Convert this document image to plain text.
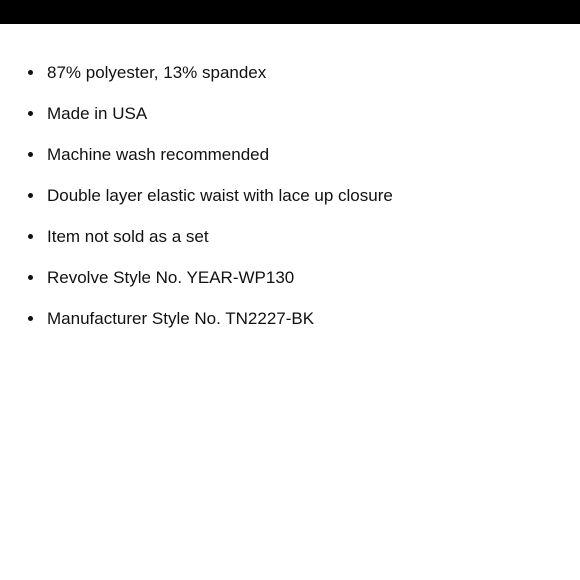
87% polyester, 13% spandex
Made in USA
Machine wash recommended
Double layer elastic waist with lace up closure
Item not sold as a set
Revolve Style No. YEAR-WP130
Manufacturer Style No. TN2227-BK
